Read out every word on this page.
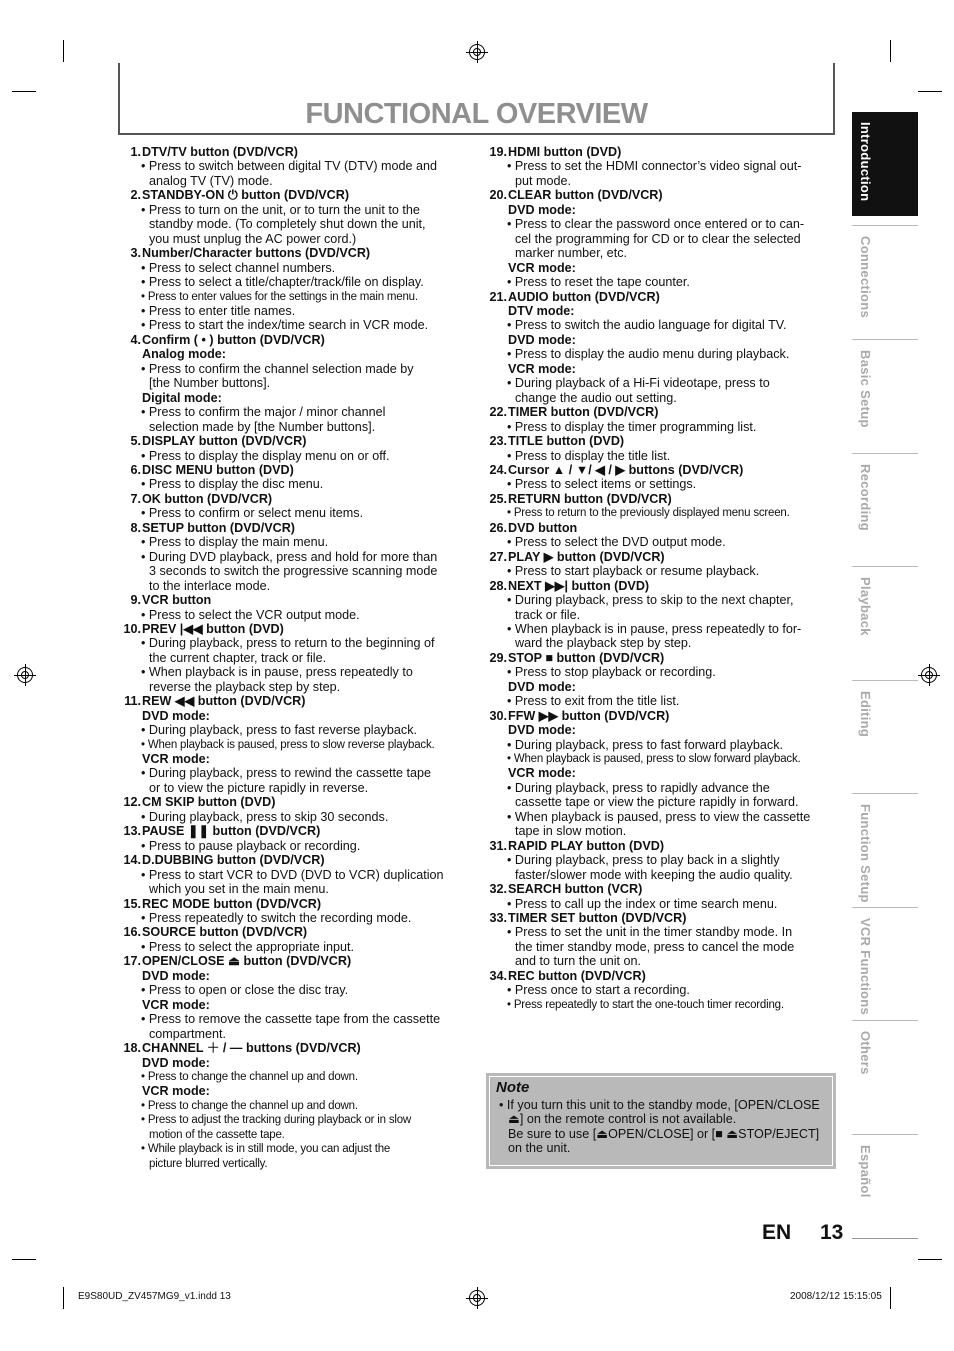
FUNCTIONAL OVERVIEW
1. DTV/TV button (DVD/VCR)
• Press to switch between digital TV (DTV) mode and
analog TV (TV) mode.
2. STANDBY-ON ⏻ button (DVD/VCR)
• Press to turn on the unit, or to turn the unit to the
standby mode. (To completely shut down the unit,
you must unplug the AC power cord.)
3. Number/Character buttons (DVD/VCR)
• Press to select channel numbers.
• Press to select a title/chapter/track/file on display.
• Press to enter values for the settings in the main menu.
• Press to enter title names.
• Press to start the index/time search in VCR mode.
4. Confirm ( • ) button (DVD/VCR)
Analog mode:
• Press to confirm the channel selection made by
[the Number buttons].
Digital mode:
• Press to confirm the major / minor channel
selection made by [the Number buttons].
5. DISPLAY button (DVD/VCR)
• Press to display the display menu on or off.
6. DISC MENU button (DVD)
• Press to display the disc menu.
7. OK button (DVD/VCR)
• Press to confirm or select menu items.
8. SETUP button (DVD/VCR)
• Press to display the main menu.
• During DVD playback, press and hold for more than
3 seconds to switch the progressive scanning mode
to the interlace mode.
9. VCR button
• Press to select the VCR output mode.
10. PREV |◀◀ button (DVD)
• During playback, press to return to the beginning of
the current chapter, track or file.
• When playback is in pause, press repeatedly to
reverse the playback step by step.
11. REW ◀◀ button (DVD/VCR)
DVD mode:
• During playback, press to fast reverse playback.
• When playback is paused, press to slow reverse playback.
VCR mode:
• During playback, press to rewind the cassette tape
or to view the picture rapidly in reverse.
12. CM SKIP button (DVD)
• During playback, press to skip 30 seconds.
13. PAUSE ❚❚ button (DVD/VCR)
• Press to pause playback or recording.
14. D.DUBBING button (DVD/VCR)
• Press to start VCR to DVD (DVD to VCR) duplication
which you set in the main menu.
15. REC MODE button (DVD/VCR)
• Press repeatedly to switch the recording mode.
16. SOURCE button (DVD/VCR)
• Press to select the appropriate input.
17. OPEN/CLOSE ⏏ button (DVD/VCR)
DVD mode:
• Press to open or close the disc tray.
VCR mode:
• Press to remove the cassette tape from the cassette
compartment.
18. CHANNEL ＋ / — buttons (DVD/VCR)
DVD mode:
• Press to change the channel up and down.
VCR mode:
• Press to change the channel up and down.
• Press to adjust the tracking during playback or in slow
motion of the cassette tape.
• While playback is in still mode, you can adjust the
picture blurred vertically.
19. HDMI button (DVD)
• Press to set the HDMI connector’s video signal out-
put mode.
20. CLEAR button (DVD/VCR)
DVD mode:
• Press to clear the password once entered or to can-
cel the programming for CD or to clear the selected
marker number, etc.
VCR mode:
• Press to reset the tape counter.
21. AUDIO button (DVD/VCR)
DTV mode:
• Press to switch the audio language for digital TV.
DVD mode:
• Press to display the audio menu during playback.
VCR mode:
• During playback of a Hi-Fi videotape, press to
change the audio out setting.
22. TIMER button (DVD/VCR)
• Press to display the timer programming list.
23. TITLE button (DVD)
• Press to display the title list.
24. Cursor ▲ / ▼/ ◀ / ▶ buttons (DVD/VCR)
• Press to select items or settings.
25. RETURN button (DVD/VCR)
• Press to return to the previously displayed menu screen.
26. DVD button
• Press to select the DVD output mode.
27. PLAY ▶ button (DVD/VCR)
• Press to start playback or resume playback.
28. NEXT ▶▶| button (DVD)
• During playback, press to skip to the next chapter,
track or file.
• When playback is in pause, press repeatedly to for-
ward the playback step by step.
29. STOP ■ button (DVD/VCR)
• Press to stop playback or recording.
DVD mode:
• Press to exit from the title list.
30. FFW ▶▶ button (DVD/VCR)
DVD mode:
• During playback, press to fast forward playback.
• When playback is paused, press to slow forward playback.
VCR mode:
• During playback, press to rapidly advance the
cassette tape or view the picture rapidly in forward.
• When playback is paused, press to view the cassette
tape in slow motion.
31. RAPID PLAY button (DVD)
• During playback, press to play back in a slightly
faster/slower mode with keeping the audio quality.
32. SEARCH button (VCR)
• Press to call up the index or time search menu.
33. TIMER SET button (DVD/VCR)
• Press to set the unit in the timer standby mode. In
the timer standby mode, press to cancel the mode
and to turn the unit on.
34. REC button (DVD/VCR)
• Press once to start a recording.
• Press repeatedly to start the one-touch timer recording.
Note
• If you turn this unit to the standby mode, [OPEN/CLOSE
⏏] on the remote control is not available.
Be sure to use [⏏OPEN/CLOSE] or [■ ⏏STOP/EJECT]
on the unit.
Introduction
Connections
Basic Setup
Recording
Playback
Editing
Function Setup
VCR Functions
Others
Español
EN 13
E9S80UD_ZV457MG9_v1.indd 13	2008/12/12 15:15:05
